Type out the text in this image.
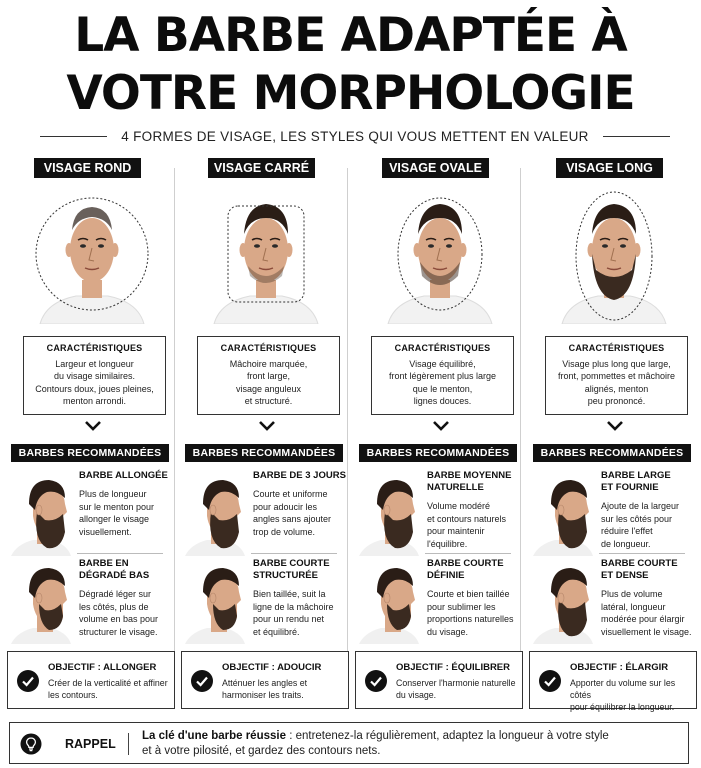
LA BARBE ADAPTÉE À
VOTRE MORPHOLOGIE
4 FORMES DE VISAGE, LES STYLES QUI VOUS METTENT EN VALEUR
VISAGE ROND
CARACTÉRISTIQUES
Largeur et longueur
du visage similaires.
Contours doux, joues pleines,
menton arrondi.
BARBES RECOMMANDÉES
BARBE ALLONGÉE
Plus de longueur
sur le menton pour
allonger le visage
visuellement.
BARBE EN
DÉGRADÉ BAS
Dégradé léger sur
les côtés, plus de
volume en bas pour
structurer le visage.
OBJECTIF : ALLONGER
Créer de la verticalité et affiner
les contours.
VISAGE CARRÉ
CARACTÉRISTIQUES
Mâchoire marquée,
front large,
visage anguleux
et structuré.
BARBES RECOMMANDÉES
BARBE DE 3 JOURS
Courte et uniforme
pour adoucir les
angles sans ajouter
trop de volume.
BARBE COURTE
STRUCTURÉE
Bien taillée, suit la
ligne de la mâchoire
pour un rendu net
et équilibré.
OBJECTIF : ADOUCIR
Atténuer les angles et
harmoniser les traits.
VISAGE OVALE
CARACTÉRISTIQUES
Visage équilibré,
front légèrement plus large
que le menton,
lignes douces.
BARBES RECOMMANDÉES
BARBE MOYENNE
NATURELLE
Volume modéré
et contours naturels
pour maintenir
l'équilibre.
BARBE COURTE
DÉFINIE
Courte et bien taillée
pour sublimer les
proportions naturelles
du visage.
OBJECTIF : ÉQUILIBRER
Conserver l'harmonie naturelle
du visage.
VISAGE LONG
CARACTÉRISTIQUES
Visage plus long que large,
front, pommettes et mâchoire
alignés, menton
peu prononcé.
BARBES RECOMMANDÉES
BARBE LARGE
ET FOURNIE
Ajoute de la largeur
sur les côtés pour
réduire l'effet
de longueur.
BARBE COURTE
ET DENSE
Plus de volume
latéral, longueur
modérée pour élargir
visuellement le visage.
OBJECTIF : ÉLARGIR
Apporter du volume sur les côtés
pour équilibrer la longueur.
RAPPEL
La clé d'une barbe réussie : entretenez-la régulièrement, adaptez la longueur à votre style
et à votre pilosité, et gardez des contours nets.
